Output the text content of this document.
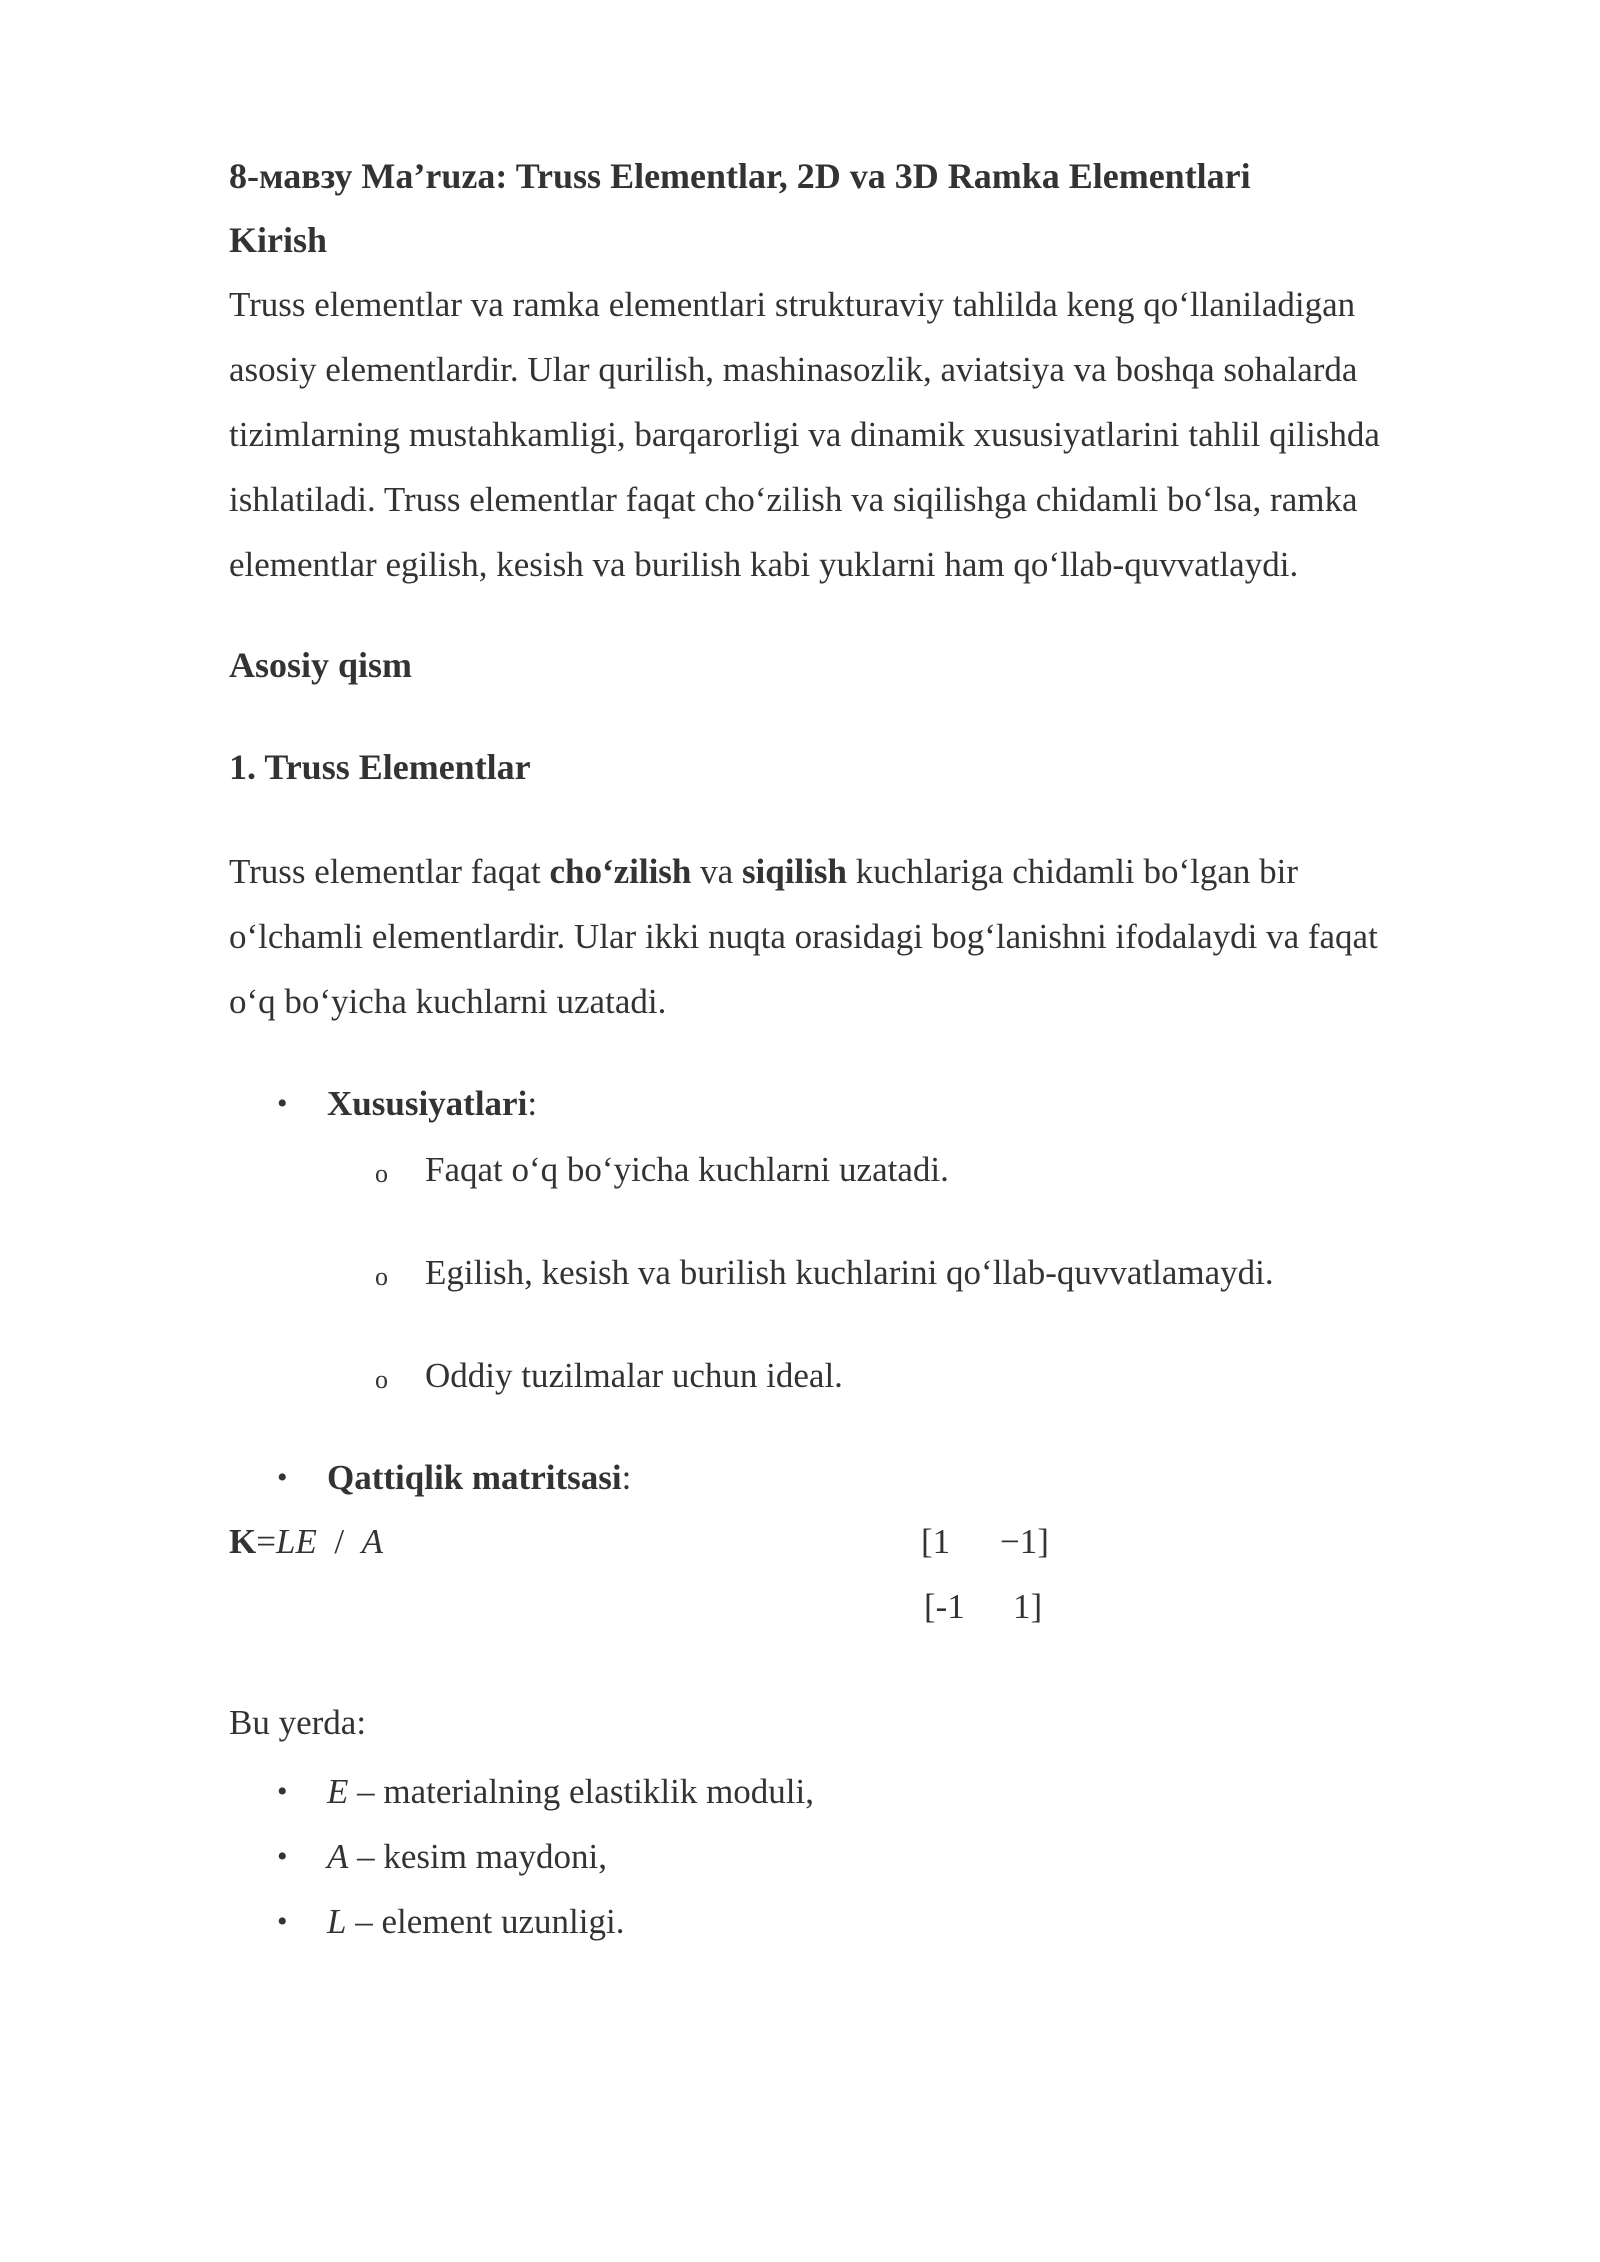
8-мавзу Ma’ruza: Truss Elementlar, 2D va 3D Ramka Elementlari

Kirish

Truss elementlar va ramka elementlari strukturaviy tahlilda keng qo‘llaniladigan
asosiy elementlardir. Ular qurilish, mashinasozlik, aviatsiya va boshqa sohalarda
tizimlarning mustahkamligi, barqarorligi va dinamik xususiyatlarini tahlil qilishda
ishlatiladi. Truss elementlar faqat cho‘zilish va siqilishga chidamli bo‘lsa, ramka
elementlar egilish, kesish va burilish kabi yuklarni ham qo‘llab-quvvatlaydi.

Asosiy qism

1. Truss Elementlar

Truss elementlar faqat cho‘zilish va siqilish kuchlariga chidamli bo‘lgan bir
o‘lchamli elementlardir. Ular ikki nuqta orasidagi bog‘lanishni ifodalaydi va faqat
o‘q bo‘yicha kuchlarni uzatadi.

• Xususiyatlari:
o Faqat o‘q bo‘yicha kuchlarni uzatadi.
o Egilish, kesish va burilish kuchlarini qo‘llab-quvvatlamaydi.
o Oddiy tuzilmalar uchun ideal.
• Qattiqlik matritsasi:
K=LE  /  A	[1 −1]
[-1 1]

Bu yerda:

• E – materialning elastiklik moduli,
• A – kesim maydoni,
• L – element uzunligi.
